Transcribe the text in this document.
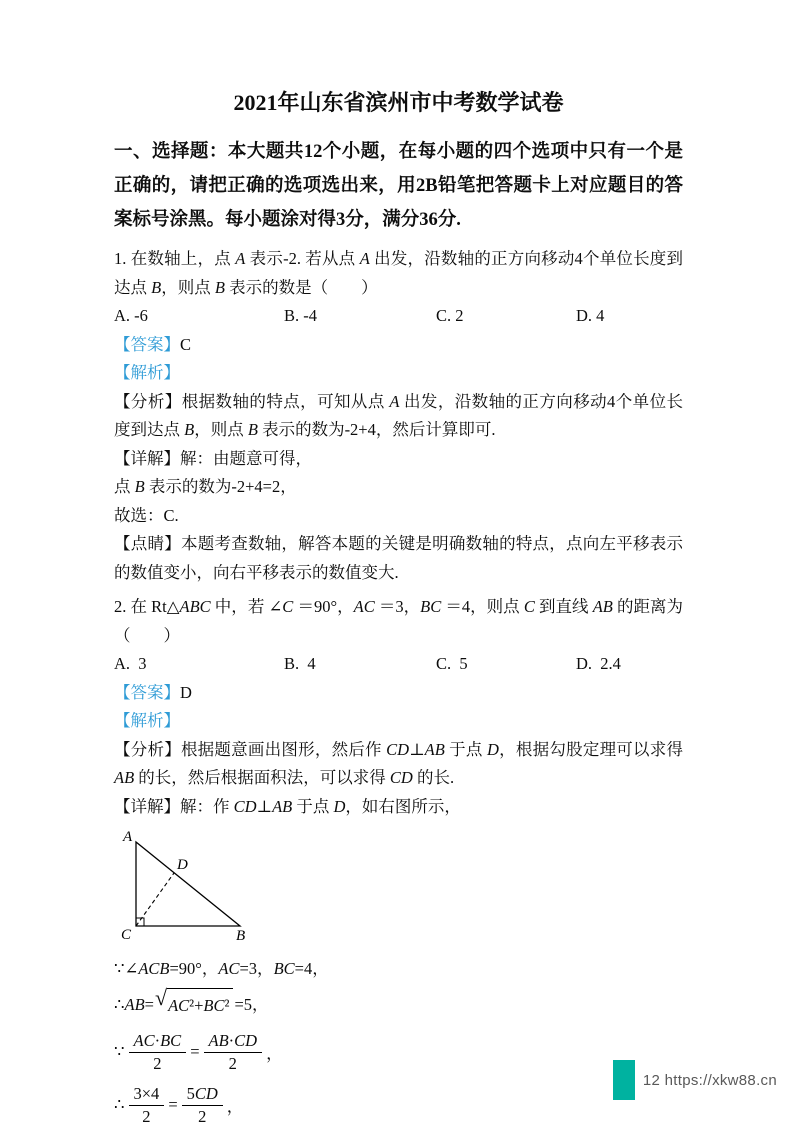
2021年山东省滨州市中考数学试卷

一、选择题：本大题共12个小题，在每小题的四个选项中只有一个是正确的，请把正确的选项选出来，用2B铅笔把答题卡上对应题目的答案标号涂黑。每小题涂对得3分，满分36分.

1. 在数轴上，点 A 表示-2. 若从点 A 出发，沿数轴的正方向移动4个单位长度到达点 B，则点 B 表示的数是（　　）

A. -6	B. -4	C. 2	D. 4

【答案】C

【解析】

【分析】根据数轴的特点，可知从点 A 出发，沿数轴的正方向移动4个单位长度到达点 B，则点 B 表示的数为-2+4，然后计算即可.

【详解】解：由题意可得，

点 B 表示的数为-2+4=2，

故选：C.

【点睛】本题考查数轴，解答本题的关键是明确数轴的特点，点向左平移表示的数值变小，向右平移表示的数值变大.

2. 在 Rt△ABC 中，若 ∠C ＝90°，AC ＝3，BC ＝4，则点 C 到直线 AB 的距离为（　　）

A.  3	B.  4	C.  5	D.  2.4

【答案】D

【解析】

【分析】根据题意画出图形，然后作 CD⊥AB 于点 D，根据勾股定理可以求得 AB 的长，然后根据面积法，可以求得 CD 的长.

【详解】解：作 CD⊥AB 于点 D，如右图所示，

A
D
C	B
∵∠ACB=90°，AC=3，BC=4，
∴AB= √ AC²+BC² =5，
∵ $\frac{AC\cdot BC}{2} = \frac{AB\cdot CD}{2}$ ，
∴ $\frac{3\times 4}{2} = \frac{5CD}{2}$ ，
12 https://xkw88.cn
